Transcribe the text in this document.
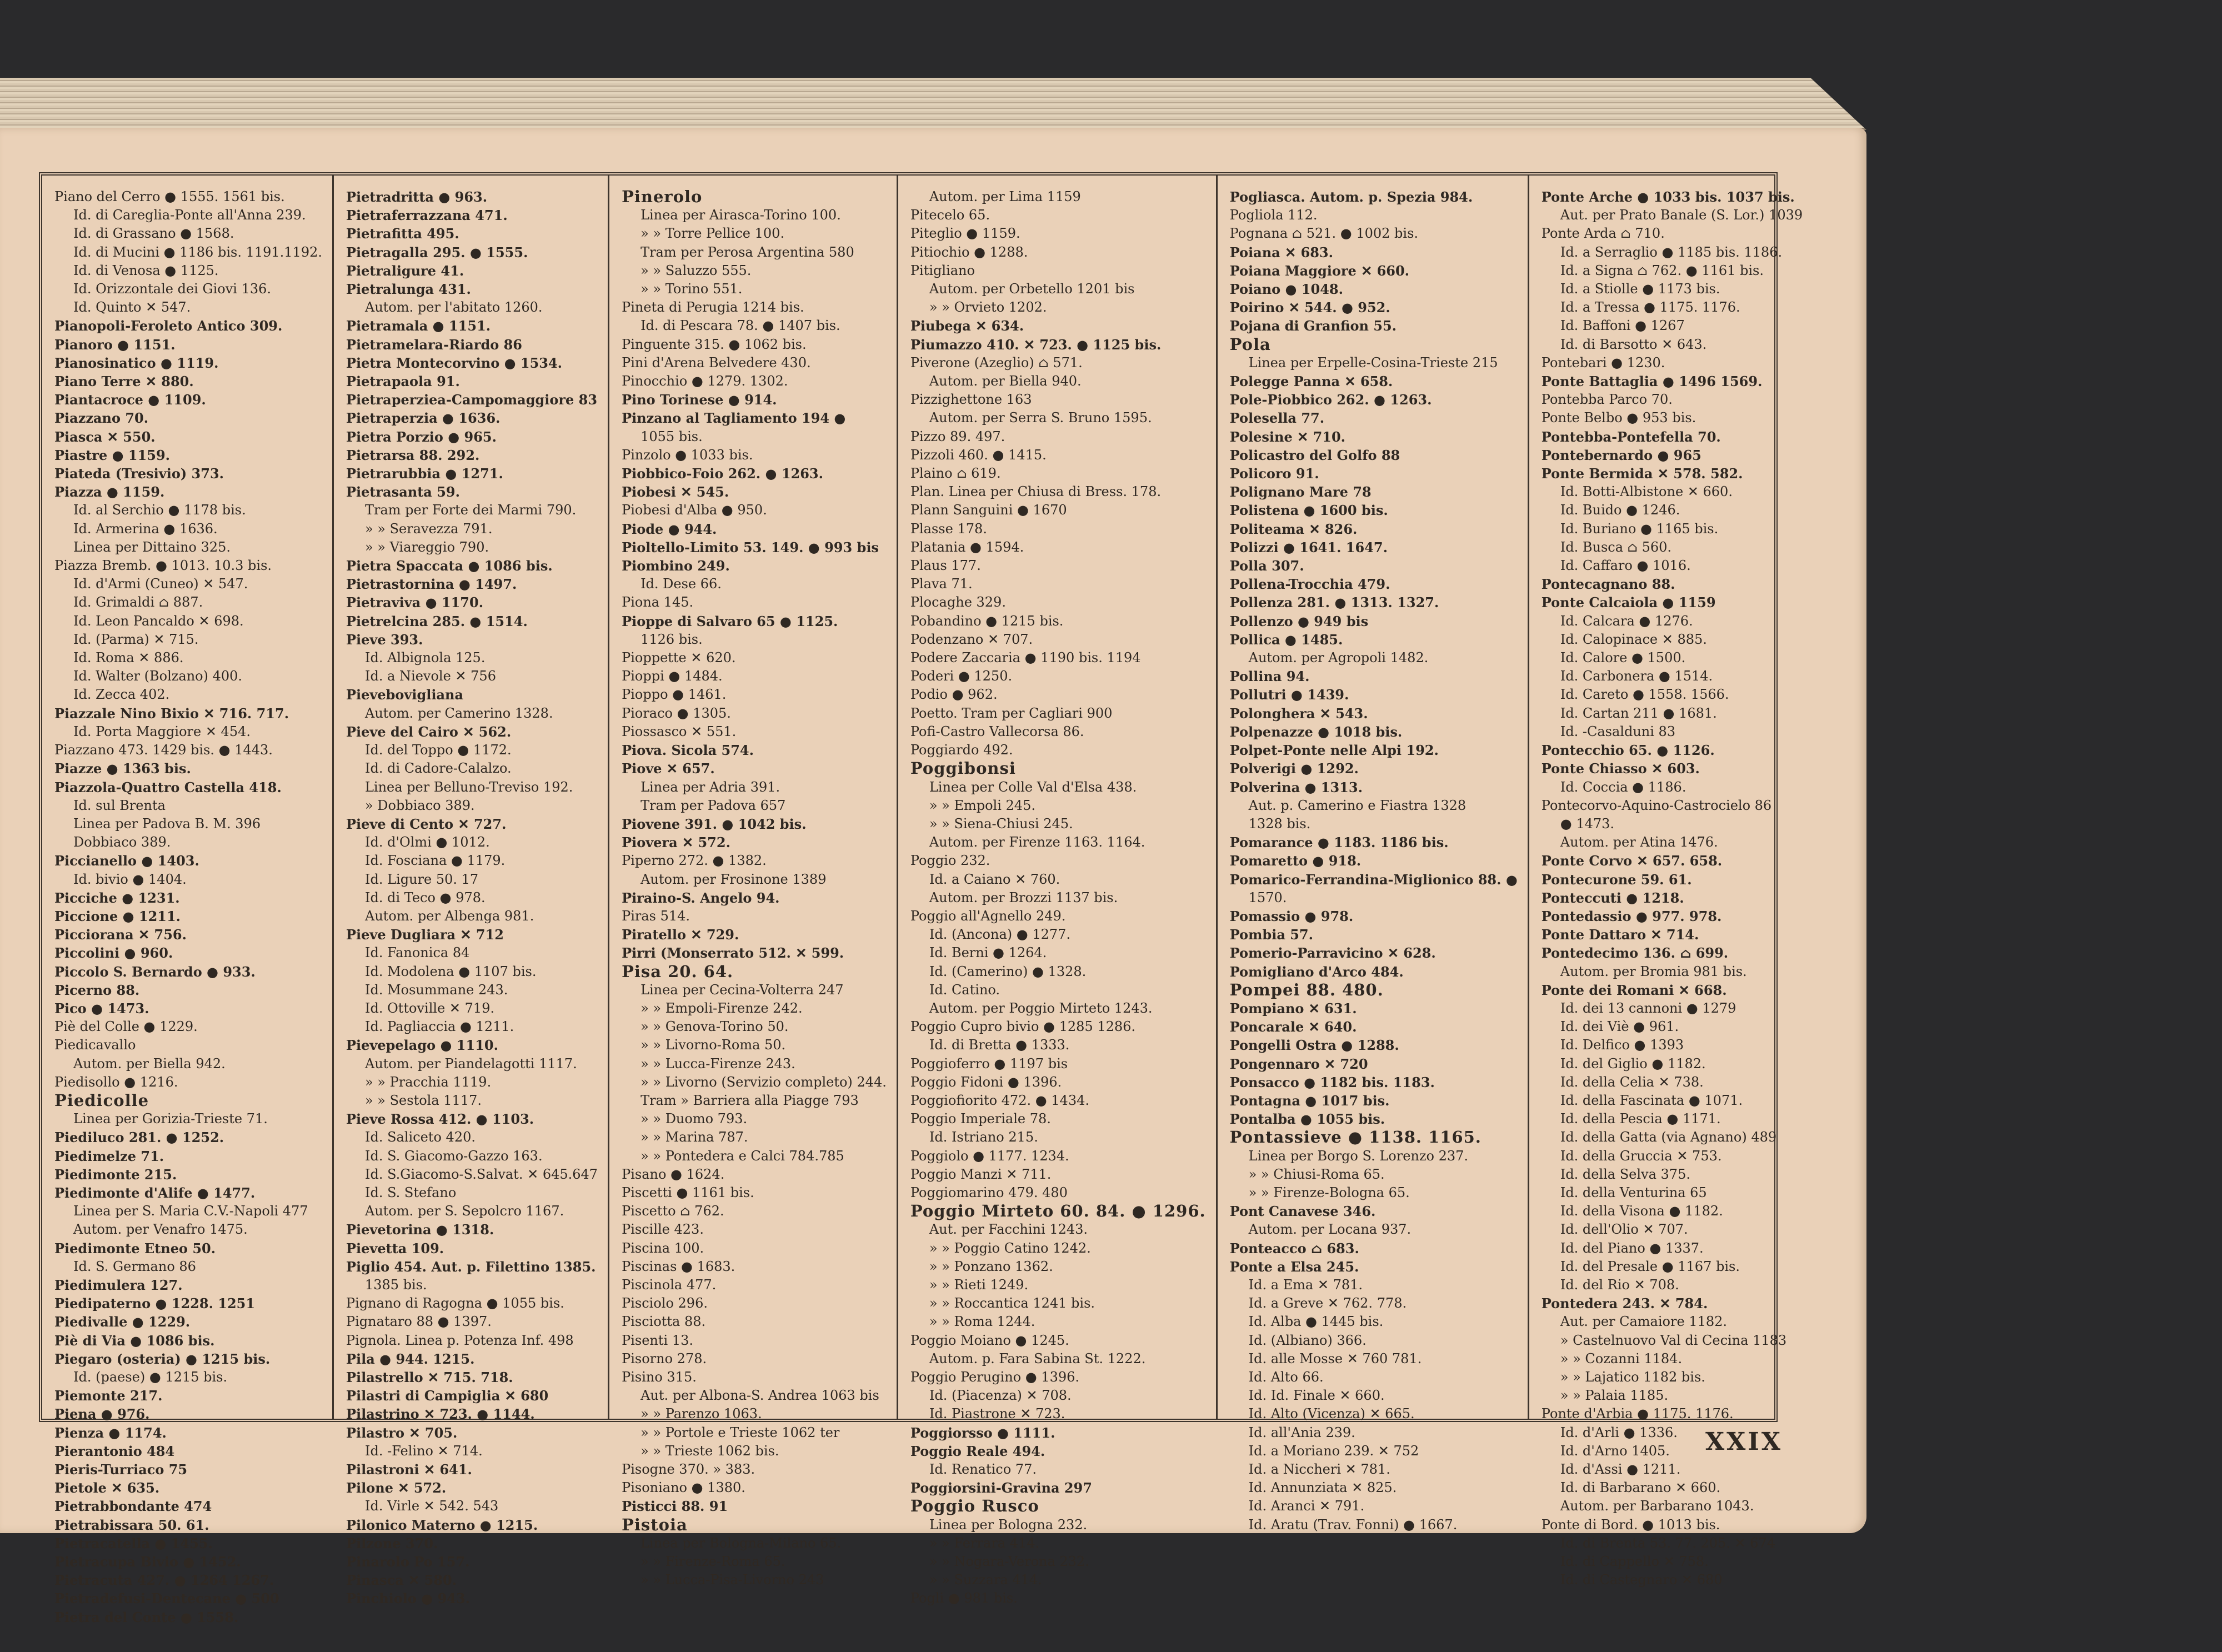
Piano del Cerro ● 1555. 1561 bis.
Id. di Careglia-Ponte all'Anna 239.
Id. di Grassano ● 1568.
Id. di Mucini ● 1186 bis. 1191.1192.
Id. di Venosa ● 1125.
Id. Orizzontale dei Giovi 136.
Id. Quinto ✕ 547.
Pianopoli-Feroleto Antico 309.
Pianoro ● 1151.
Pianosinatico ● 1119.
Piano Terre ✕ 880.
Piantacroce ● 1109.
Piazzano 70.
Piasca ✕ 550.
Piastre ● 1159.
Piateda (Tresivio) 373.
Piazza ● 1159.
Id. al Serchio ● 1178 bis.
Id. Armerina ● 1636.
Linea per Dittaino 325.
Piazza Bremb. ● 1013. 10.3 bis.
Id. d'Armi (Cuneo) ✕ 547.
Id. Grimaldi ⌂ 887.
Id. Leon Pancaldo ✕ 698.
Id. (Parma) ✕ 715.
Id. Roma ✕ 886.
Id. Walter (Bolzano) 400.
Id. Zecca 402.
Piazzale Nino Bixio ✕ 716. 717.
Id. Porta Maggiore ✕ 454.
Piazzano 473. 1429 bis. ● 1443.
Piazze ● 1363 bis.
Piazzola-Quattro Castella 418.
Id. sul Brenta
Linea per Padova B. M. 396
Dobbiaco 389.
Piccianello ● 1403.
Id. bivio ● 1404.
Picciche ● 1231.
Piccione ● 1211.
Picciorana ✕ 756.
Piccolini ● 960.
Piccolo S. Bernardo ● 933.
Picerno 88.
Pico ● 1473.
Piè del Colle ● 1229.
Piedicavallo
Autom. per Biella 942.
Piedisollo ● 1216.
Piedicolle
Linea per Gorizia-Trieste 71.
Piediluco 281. ● 1252.
Piedimelze 71.
Piedimonte 215.
Piedimonte d'Alife ● 1477.
Linea per S. Maria C.V.-Napoli 477
Autom. per Venafro 1475.
Piedimonte Etneo 50.
Id. S. Germano 86
Piedimulera 127.
Piedipaterno ● 1228. 1251
Piedivalle ● 1229.
Piè di Via ● 1086 bis.
Piegaro (osteria) ● 1215 bis.
Id. (paese) ● 1215 bis.
Piemonte 217.
Piena ● 976.
Pienza ● 1174.
Pierantonio 484
Pieris-Turriaco 75
Pietole ✕ 635.
Pietrabbondante 474
Pietrabissara 50. 61.
Pietracatella ● 1455.
Pietracupa Bivio ● 1452.
Pietracuta 427. ● 1264 1267.
Pietradefusi-Dentecane ● 500
Pietra del Conte ● 1558.
Pietradritta ● 963.
Pietraferrazzana 471.
Pietrafitta 495.
Pietragalla 295. ● 1555.
Pietraligure 41.
Pietralunga 431.
Autom. per l'abitato 1260.
Pietramala ● 1151.
Pietramelara-Riardo 86
Pietra Montecorvino ● 1534.
Pietrapaola 91.
Pietraperziea-Campomaggiore 83
Pietraperzia ● 1636.
Pietra Porzio ● 965.
Pietrarsa 88. 292.
Pietrarubbia ● 1271.
Pietrasanta 59.
Tram per Forte dei Marmi 790.
» » Seravezza 791.
» » Viareggio 790.
Pietra Spaccata ● 1086 bis.
Pietrastornina ● 1497.
Pietraviva ● 1170.
Pietrelcina 285. ● 1514.
Pieve 393.
Id. Albignola 125.
Id. a Nievole ✕ 756
Pievebovigliana
Autom. per Camerino 1328.
Pieve del Cairo ✕ 562.
Id. del Toppo ● 1172.
Id. di Cadore-Calalzo.
Linea per Belluno-Treviso 192.
» Dobbiaco 389.
Pieve di Cento ✕ 727.
Id. d'Olmi ● 1012.
Id. Fosciana ● 1179.
Id. Ligure 50. 17
Id. di Teco ● 978.
Autom. per Albenga 981.
Pieve Dugliara ✕ 712
Id. Fanonica 84
Id. Modolena ● 1107 bis.
Id. Mosummane 243.
Id. Ottoville ✕ 719.
Id. Pagliaccia ● 1211.
Pievepelago ● 1110.
Autom. per Piandelagotti 1117.
» » Pracchia 1119.
» » Sestola 1117.
Pieve Rossa 412. ● 1103.
Id. Saliceto 420.
Id. S. Giacomo-Gazzo 163.
Id. S.Giacomo-S.Salvat. ✕ 645.647
Id. S. Stefano
Autom. per S. Sepolcro 1167.
Pievetorina ● 1318.
Pievetta 109.
Piglio 454. Aut. p. Filettino 1385.
1385 bis.
Pignano di Ragogna ● 1055 bis.
Pignataro 88 ● 1397.
Pignola. Linea p. Potenza Inf. 498
Pila ● 944. 1215.
Pilastrello ✕ 715. 718.
Pilastri di Campiglia ✕ 680
Pilastrino ✕ 723. ● 1144.
Pilastro ✕ 705.
Id. -Felino ✕ 714.
Pilastroni ✕ 641.
Pilone ✕ 572.
Id. Virle ✕ 542. 543
Pilonico Materno ● 1215.
Pilzone 370.
Pinarolo Po 157.
Pinasca ✕ 580.
Pinchiolo ● 943.
Pinerolo
Linea per Airasca-Torino 100.
» » Torre Pellice 100.
Tram per Perosa Argentina 580
» » Saluzzo 555.
» » Torino 551.
Pineta di Perugia 1214 bis.
Id. di Pescara 78. ● 1407 bis.
Pinguente 315. ● 1062 bis.
Pini d'Arena Belvedere 430.
Pinocchio ● 1279. 1302.
Pino Torinese ● 914.
Pinzano al Tagliamento 194 ●
1055 bis.
Pinzolo ● 1033 bis.
Piobbico-Foio 262. ● 1263.
Piobesi ✕ 545.
Piobesi d'Alba ● 950.
Piode ● 944.
Pioltello-Limito 53. 149. ● 993 bis
Piombino 249.
Id. Dese 66.
Piona 145.
Pioppe di Salvaro 65 ● 1125.
1126 bis.
Pioppette ✕ 620.
Pioppi ● 1484.
Pioppo ● 1461.
Pioraco ● 1305.
Piossasco ✕ 551.
Piova. Sicola 574.
Piove ✕ 657.
Linea per Adria 391.
Tram per Padova 657
Piovene 391. ● 1042 bis.
Piovera ✕ 572.
Piperno 272. ● 1382.
Autom. per Frosinone 1389
Piraino-S. Angelo 94.
Piras 514.
Piratello ✕ 729.
Pirri (Monserrato 512. ✕ 599.
Pisa 20. 64.
Linea per Cecina-Volterra 247
» » Empoli-Firenze 242.
» » Genova-Torino 50.
» » Livorno-Roma 50.
» » Lucca-Firenze 243.
» » Livorno (Servizio completo) 244.
Tram » Barriera alla Piagge 793
» » Duomo 793.
» » Marina 787.
» » Pontedera e Calci 784.785
Pisano ● 1624.
Piscetti ● 1161 bis.
Piscetto ⌂ 762.
Piscille 423.
Piscina 100.
Piscinas ● 1683.
Piscinola 477.
Pisciolo 296.
Pisciotta 88.
Pisenti 13.
Pisorno 278.
Pisino 315.
Aut. per Albona-S. Andrea 1063 bis
» » Parenzo 1063.
» » Portole e Trieste 1062 ter
» » Trieste 1062 bis.
Pisogne 370. » 383.
Pisoniano ● 1380.
Pisticci 88. 91
Pistoia
Linea per Bologna-Milano 65.
» » Firenze-Roma 65.
» » Lucca-Pisa-Livorno 243
Autom. per Lima 1159
Pitecelo 65.
Piteglio ● 1159.
Pitiochio ● 1288.
Pitigliano
Autom. per Orbetello 1201 bis
» » Orvieto 1202.
Piubega ✕ 634.
Piumazzo 410. ✕ 723. ● 1125 bis.
Piverone (Azeglio) ⌂ 571.
Autom. per Biella 940.
Pizzighettone 163
Autom. per Serra S. Bruno 1595.
Pizzo 89. 497.
Pizzoli 460. ● 1415.
Plaino ⌂ 619.
Plan. Linea per Chiusa di Bress. 178.
Plann Sanguini ● 1670
Plasse 178.
Platania ● 1594.
Plaus 177.
Plava 71.
Plocaghe 329.
Pobandino ● 1215 bis.
Podenzano ✕ 707.
Podere Zaccaria ● 1190 bis. 1194
Poderi ● 1250.
Podio ● 962.
Poetto. Tram per Cagliari 900
Pofi-Castro Vallecorsa 86.
Poggiardo 492.
Poggibonsi
Linea per Colle Val d'Elsa 438.
» » Empoli 245.
» » Siena-Chiusi 245.
Autom. per Firenze 1163. 1164.
Poggio 232.
Id. a Caiano ✕ 760.
Autom. per Brozzi 1137 bis.
Poggio all'Agnello 249.
Id. (Ancona) ● 1277.
Id. Berni ● 1264.
Id. (Camerino) ● 1328.
Id. Catino.
Autom. per Poggio Mirteto 1243.
Poggio Cupro bivio ● 1285 1286.
Id. di Bretta ● 1333.
Poggioferro ● 1197 bis
Poggio Fidoni ● 1396.
Poggiofiorito 472. ● 1434.
Poggio Imperiale 78.
Id. Istriano 215.
Poggiolo ● 1177. 1234.
Poggio Manzi ✕ 711.
Poggiomarino 479. 480
Poggio Mirteto 60. 84. ● 1296.
Aut. per Facchini 1243.
» » Poggio Catino 1242.
» » Ponzano 1362.
» » Rieti 1249.
» » Roccantica 1241 bis.
» » Roma 1244.
Poggio Moiano ● 1245.
Autom. p. Fara Sabina St. 1222.
Poggio Perugino ● 1396.
Id. (Piacenza) ✕ 708.
Id. Piastrone ✕ 723.
Poggiorsso ● 1111.
Poggio Reale 494.
Id. Renatico 77.
Poggiorsini-Gravina 297
Poggio Rusco
Linea per Bologna 232.
» » Ferrara 414.
» » Nogara-Verona 232.
» » Suzzara 414.
Pogli ● 981 bis.
Pogliasca. Autom. p. Spezia 984.
Pogliola 112.
Pognana ⌂ 521. ● 1002 bis.
Poiana ✕ 683.
Poiana Maggiore ✕ 660.
Poiano ● 1048.
Poirino ✕ 544. ● 952.
Pojana di Granfion 55.
Pola
Linea per Erpelle-Cosina-Trieste 215
Polegge Panna ✕ 658.
Pole-Piobbico 262. ● 1263.
Polesella 77.
Polesine ✕ 710.
Policastro del Golfo 88
Policoro 91.
Polignano Mare 78
Polistena ● 1600 bis.
Politeama ✕ 826.
Polizzi ● 1641. 1647.
Polla 307.
Pollena-Trocchia 479.
Pollenza 281. ● 1313. 1327.
Pollenzo ● 949 bis
Pollica ● 1485.
Autom. per Agropoli 1482.
Pollina 94.
Pollutri ● 1439.
Polonghera ✕ 543.
Polpenazze ● 1018 bis.
Polpet-Ponte nelle Alpi 192.
Polverigi ● 1292.
Polverina ● 1313.
Aut. p. Camerino e Fiastra 1328
1328 bis.
Pomarance ● 1183. 1186 bis.
Pomaretto ● 918.
Pomarico-Ferrandina-Miglionico 88. ●
1570.
Pomassio ● 978.
Pombia 57.
Pomerio-Parravicino ✕ 628.
Pomigliano d'Arco 484.
Pompei 88. 480.
Pompiano ✕ 631.
Poncarale ✕ 640.
Pongelli Ostra ● 1288.
Pongennaro ✕ 720
Ponsacco ● 1182 bis. 1183.
Pontagna ● 1017 bis.
Pontalba ● 1055 bis.
Pontassieve ● 1138. 1165.
Linea per Borgo S. Lorenzo 237.
» » Chiusi-Roma 65.
» » Firenze-Bologna 65.
Pont Canavese 346.
Autom. per Locana 937.
Ponteacco ⌂ 683.
Ponte a Elsa 245.
Id. a Ema ✕ 781.
Id. a Greve ✕ 762. 778.
Id. Alba ● 1445 bis.
Id. (Albiano) 366.
Id. alle Mosse ✕ 760 781.
Id. Alto 66.
Id. Id. Finale ✕ 660.
Id. Alto (Vicenza) ✕ 665.
Id. all'Ania 239.
Id. a Moriano 239. ✕ 752
Id. a Niccheri ✕ 781.
Id. Annunziata ✕ 825.
Id. Aranci ✕ 791.
Id. Aratu (Trav. Fonni) ● 1667.
Ponte Arche ● 1033 bis. 1037 bis.
Aut. per Prato Banale (S. Lor.) 1039
Ponte Arda ⌂ 710.
Id. a Serraglio ● 1185 bis. 1186.
Id. a Signa ⌂ 762. ● 1161 bis.
Id. a Stiolle ● 1173 bis.
Id. a Tressa ● 1175. 1176.
Id. Baffoni ● 1267
Id. di Barsotto ✕ 643.
Pontebari ● 1230.
Ponte Battaglia ● 1496 1569.
Pontebba Parco 70.
Ponte Belbo ● 953 bis.
Pontebba-Pontefella 70.
Pontebernardo ● 965
Ponte Bermida ✕ 578. 582.
Id. Botti-Albistone ✕ 660.
Id. Buido ● 1246.
Id. Buriano ● 1165 bis.
Id. Busca ⌂ 560.
Id. Caffaro ● 1016.
Pontecagnano 88.
Ponte Calcaiola ● 1159
Id. Calcara ● 1276.
Id. Calopinace ✕ 885.
Id. Calore ● 1500.
Id. Carbonera ● 1514.
Id. Careto ● 1558. 1566.
Id. Cartan 211 ● 1681.
Id. -Casalduni 83
Pontecchio 65. ● 1126.
Ponte Chiasso ✕ 603.
Id. Coccia ● 1186.
Pontecorvo-Aquino-Castrocielo 86
● 1473.
Autom. per Atina 1476.
Ponte Corvo ✕ 657. 658.
Pontecurone 59. 61.
Ponteccuti ● 1218.
Pontedassio ● 977. 978.
Ponte Dattaro ✕ 714.
Pontedecimo 136. ⌂ 699.
Autom. per Bromia 981 bis.
Ponte dei Romani ✕ 668.
Id. dei 13 cannoni ● 1279
Id. dei Viè ● 961.
Id. Delfico ● 1393
Id. del Giglio ● 1182.
Id. della Celia ✕ 738.
Id. della Fascinata ● 1071.
Id. della Pescia ● 1171.
Id. della Gatta (via Agnano) 489
Id. della Gruccia ✕ 753.
Id. della Selva 375.
Id. della Venturina 65
Id. della Visona ● 1182.
Id. dell'Olio ✕ 707.
Id. del Piano ● 1337.
Id. del Presale ● 1167 bis.
Id. del Rio ✕ 708.
Pontedera 243. ✕ 784.
Aut. per Camaiore 1182.
» Castelnuovo Val di Cecina 1183
» » Cozanni 1184.
» » Lajatico 1182 bis.
» » Palaia 1185.
Ponte d'Arbia ● 1175. 1176.
Id. d'Arli ● 1336.
Id. d'Arno 1405.
Id. d'Assi ● 1211.
Id. di Barbarano ✕ 660.
Autom. per Barbarano 1043.
Ponte di Bord. ● 1013 bis.
Id. di Brenta 53. 77. 205. ✕ 674
Id. di Cappello ✕ 758.
Id. di Castegnaro ✕ 680
XXIX
